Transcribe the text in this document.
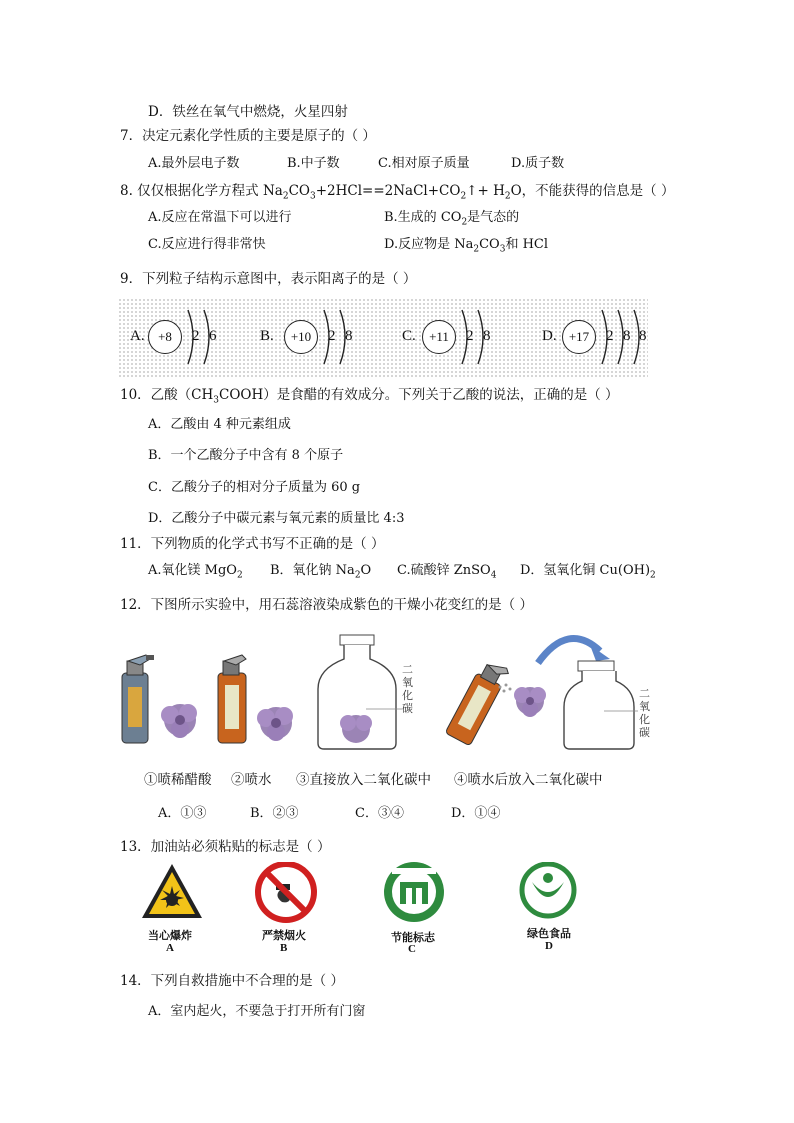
D．铁丝在氧气中燃烧，火星四射
7．决定元素化学性质的主要是原子的（ ）
A.最外层电子数	B.中子数	C.相对原子质量	D.质子数
8. 仅仅根据化学方程式 $Na_2CO_3+2HCl==2NaCl+CO_2↑+ H_2O$，不能获得的信息是（ ）
A.反应在常温下可以进行	B.生成的 $CO_2$是气态的
C.反应进行得非常快	D.反应物是 $Na_2CO_3$和 HCl
9．下列粒子结构示意图中，表示阳离子的是（ ）
A.	+8	2 6	B.	+10	2 8	C.	+11	2 8	D. +17	2 8 8
10．乙酸$(CH_3COOH)$是食醋的有效成分。下列关于乙酸的说法，正确的是（ ）
A．乙酸由 4 种元素组成
B．一个乙酸分子中含有 8 个原子
C．乙酸分子的相对分子质量为 60 g
D．乙酸分子中碳元素与氧元素的质量比 4:3
11．下列物质的化学式书写不正确的是（ ）
A.氧化镁 MgO$_2$ B．氧化钠 $Na_2O$ C.硫酸锌 ZnSO$_4$ D．氢氧化铜 $Cu(OH)_2$
12．下图所示实验中，用石蕊溶液染成紫色的干燥小花变红的是（ ）
二氧化碳
二氧化碳
①喷稀醋酸 ②喷水 ③直接放入二氧化碳中 ④喷水后放入二氧化碳中
A．①③	B．②③	C．③④	D．①④
13．加油站必须粘贴的标志是（ ）
当心爆炸
A
严禁烟火
B
节能标志
C
绿色食品
D
14．下列自救措施中不合理的是（ ）
A．室内起火，不要急于打开所有门窗
